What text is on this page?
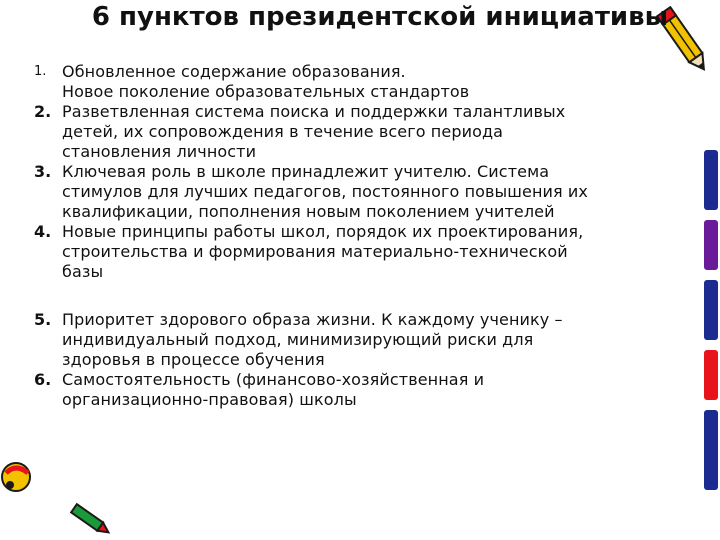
6 пунктов президентской инициативы
1. Обновленное содержание образования.
Новое поколение образовательных стандартов
2. Разветвленная система поиска и поддержки талантливых
детей, их сопровождения в течение всего периода
становления личности
3. Ключевая роль в школе принадлежит учителю. Система
стимулов для лучших педагогов, постоянного повышения их
квалификации, пополнения новым поколением учителей
4. Новые принципы работы школ, порядок их проектирования,
строительства и формирования материально-технической
базы
5. Приоритет здорового образа жизни. К каждому ученику –
индивидуальный подход, минимизирующий риски для
здоровья в процессе обучения
6. Самостоятельность (финансово-хозяйственная и
организационно-правовая) школы
